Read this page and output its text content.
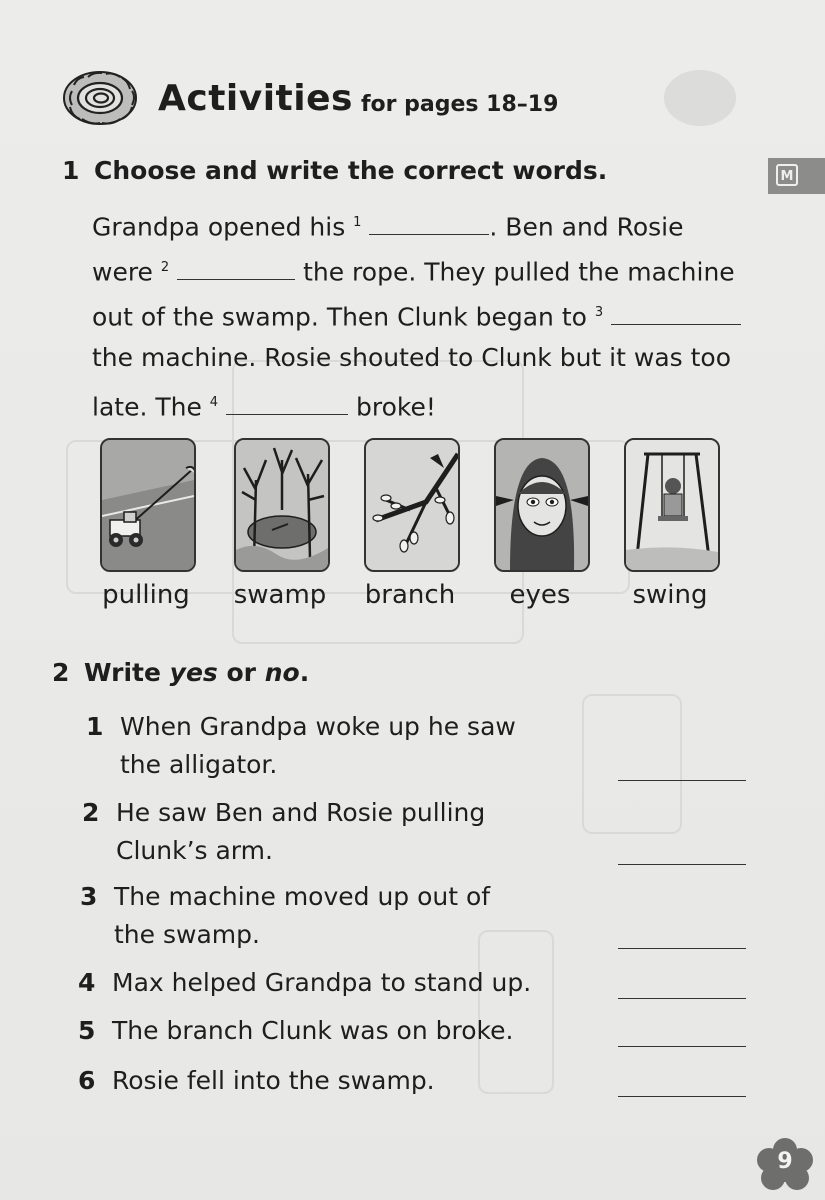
Activities for pages 18–19
M
1 Choose and write the correct words.
Grandpa opened his $^1$	. Ben and Rosie
were $^2$	the rope. They pulled the machine
out of the swamp. Then Clunk began to $^3$
the machine. Rosie shouted to Clunk but it was too
late. The $^4$	broke!
pulling	swamp	branch	eyes	swing
2 Write yes or no.
1 When Grandpa woke up he saw the alligator.
2 He saw Ben and Rosie pulling Clunk’s arm.
3 The machine moved up out of the swamp.
4 Max helped Grandpa to stand up.
5 The branch Clunk was on broke.
6 Rosie fell into the swamp.
9
